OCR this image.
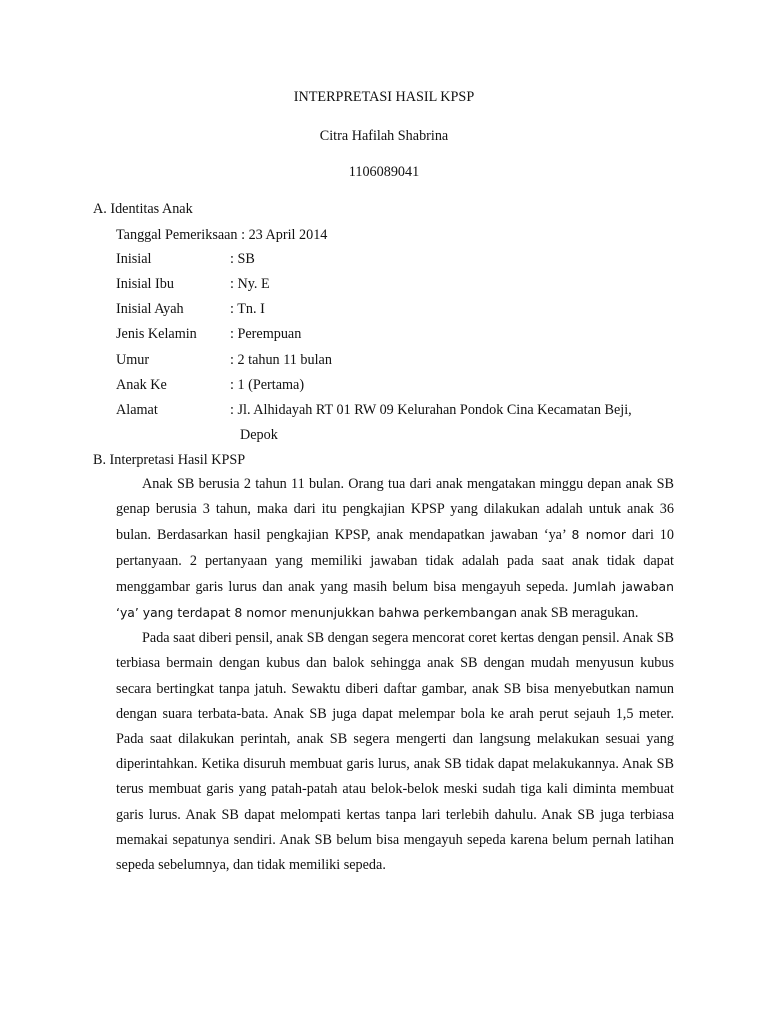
INTERPRETASI HASIL KPSP
Citra Hafilah Shabrina
1106089041
A. Identitas Anak
Tanggal Pemeriksaan : 23 April 2014
Inisial	: SB
Inisial Ibu	: Ny. E
Inisial Ayah	: Tn. I
Jenis Kelamin : Perempuan
Umur	: 2 tahun 11 bulan
Anak Ke	: 1 (Pertama)
Alamat	: Jl. Alhidayah RT 01 RW 09 Kelurahan Pondok Cina Kecamatan Beji,
Depok
B. Interpretasi Hasil KPSP

Anak SB berusia 2 tahun 11 bulan. Orang tua dari anak mengatakan minggu depan anak SB genap berusia 3 tahun, maka dari itu pengkajian KPSP yang dilakukan adalah untuk anak 36 bulan. Berdasarkan hasil pengkajian KPSP, anak mendapatkan jawaban ‘ya’ 8 nomor dari 10 pertanyaan. 2 pertanyaan yang memiliki jawaban tidak adalah pada saat anak tidak dapat menggambar garis lurus dan anak yang masih belum bisa mengayuh sepeda. Jumlah jawaban ‘ya’ yang terdapat 8 nomor menunjukkan bahwa perkembangan anak SB meragukan.

Pada saat diberi pensil, anak SB dengan segera mencorat coret kertas dengan pensil. Anak SB terbiasa bermain dengan kubus dan balok sehingga anak SB dengan mudah menyusun kubus secara bertingkat tanpa jatuh. Sewaktu diberi daftar gambar, anak SB bisa menyebutkan namun dengan suara terbata-bata. Anak SB juga dapat melempar bola ke arah perut sejauh 1,5 meter. Pada saat dilakukan perintah, anak SB segera mengerti dan langsung melakukan sesuai yang diperintahkan. Ketika disuruh membuat garis lurus, anak SB tidak dapat melakukannya. Anak SB terus membuat garis yang patah-patah atau belok-belok meski sudah tiga kali diminta membuat garis lurus. Anak SB dapat melompati kertas tanpa lari terlebih dahulu. Anak SB juga terbiasa memakai sepatunya sendiri. Anak SB belum bisa mengayuh sepeda karena belum pernah latihan sepeda sebelumnya, dan tidak memiliki sepeda.
